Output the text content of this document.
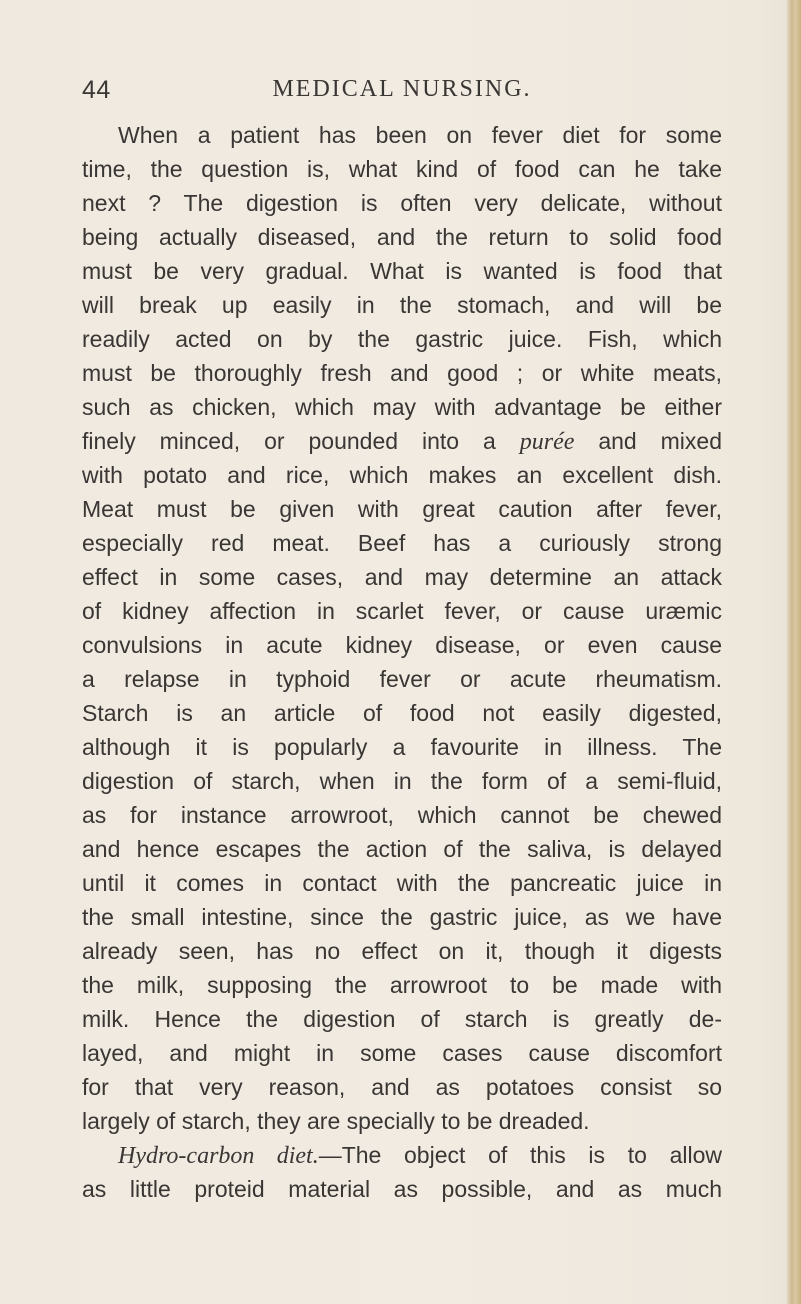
44	MEDICAL NURSING.
When a patient has been on fever diet for some
time, the question is, what kind of food can he take
next ? The digestion is often very delicate, without
being actually diseased, and the return to solid food
must be very gradual. What is wanted is food that
will break up easily in the stomach, and will be
readily acted on by the gastric juice. Fish, which
must be thoroughly fresh and good ; or white meats,
such as chicken, which may with advantage be either
finely minced, or pounded into a purée and mixed
with potato and rice, which makes an excellent dish.
Meat must be given with great caution after fever,
especially red meat. Beef has a curiously strong
effect in some cases, and may determine an attack
of kidney affection in scarlet fever, or cause uræmic
convulsions in acute kidney disease, or even cause
a relapse in typhoid fever or acute rheumatism.
Starch is an article of food not easily digested,
although it is popularly a favourite in illness. The
digestion of starch, when in the form of a semi-fluid,
as for instance arrowroot, which cannot be chewed
and hence escapes the action of the saliva, is delayed
until it comes in contact with the pancreatic juice in
the small intestine, since the gastric juice, as we have
already seen, has no effect on it, though it digests
the milk, supposing the arrowroot to be made with
milk. Hence the digestion of starch is greatly de-
layed, and might in some cases cause discomfort
for that very reason, and as potatoes consist so
largely of starch, they are specially to be dreaded.
Hydro-carbon diet.—The object of this is to allow
as little proteid material as possible, and as much
